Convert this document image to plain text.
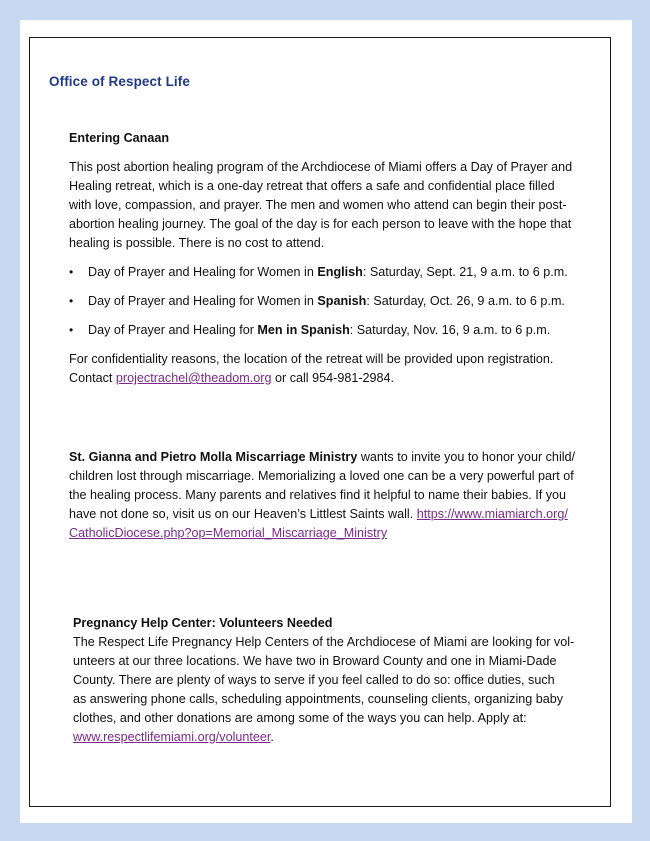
Office of Respect Life

Entering Canaan

This post abortion healing program of the Archdiocese of Miami offers a Day of Prayer and
Healing retreat, which is a one-day retreat that offers a safe and confidential place filled
with love, compassion, and prayer. The men and women who attend can begin their post-
abortion healing journey. The goal of the day is for each person to leave with the hope that
healing is possible. There is no cost to attend.
• Day of Prayer and Healing for Women in English: Saturday, Sept. 21, 9 a.m. to 6 p.m.
• Day of Prayer and Healing for Women in Spanish: Saturday, Oct. 26, 9 a.m. to 6 p.m.
• Day of Prayer and Healing for Men in Spanish: Saturday, Nov. 16, 9 a.m. to 6 p.m.
For confidentiality reasons, the location of the retreat will be provided upon registration.
Contact projectrachel@theadom.org or call 954-981-2984.
St. Gianna and Pietro Molla Miscarriage Ministry wants to invite you to honor your child/
children lost through miscarriage. Memorializing a loved one can be a very powerful part of
the healing process. Many parents and relatives find it helpful to name their babies. If you
have not done so, visit us on our Heaven’s Littlest Saints wall. https://www.miamiarch.org/
CatholicDiocese.php?op=Memorial_Miscarriage_Ministry
Pregnancy Help Center: Volunteers Needed
The Respect Life Pregnancy Help Centers of the Archdiocese of Miami are looking for vol-
unteers at our three locations. We have two in Broward County and one in Miami-Dade
County. There are plenty of ways to serve if you feel called to do so: office duties, such
as answering phone calls, scheduling appointments, counseling clients, organizing baby
clothes, and other donations are among some of the ways you can help. Apply at:
www.respectlifemiami.org/volunteer.
